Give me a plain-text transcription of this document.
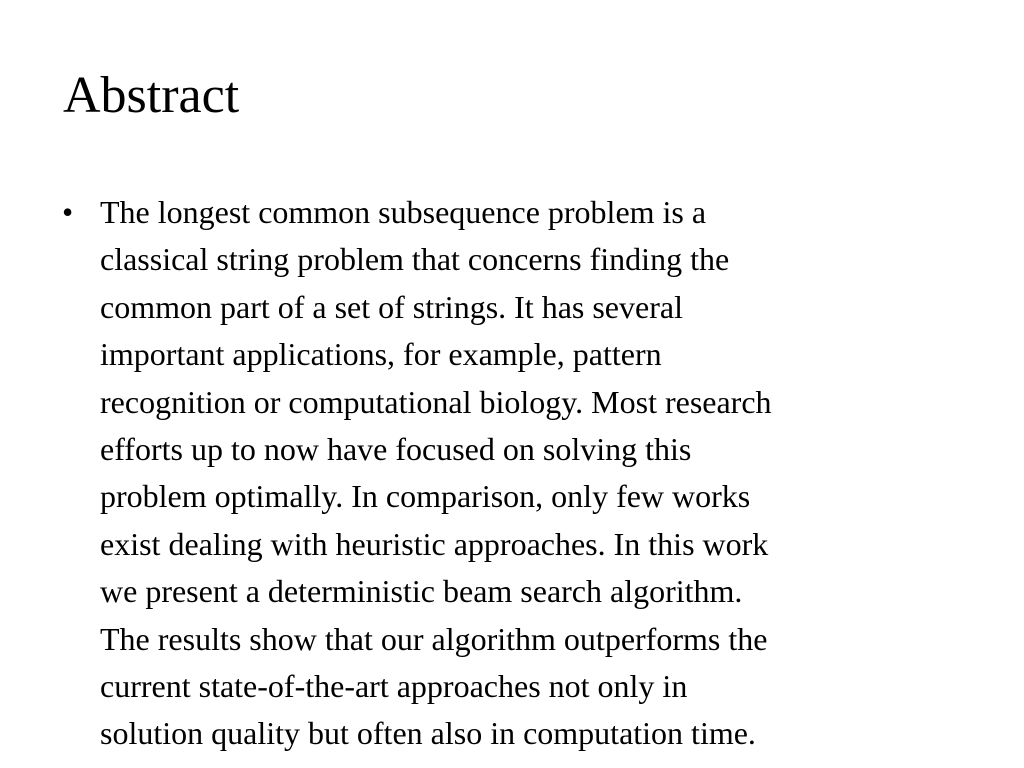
Abstract
• The longest common subsequence problem is a
classical string problem that concerns finding the
common part of a set of strings. It has several
important applications, for example, pattern
recognition or computational biology. Most research
efforts up to now have focused on solving this
problem optimally. In comparison, only few works
exist dealing with heuristic approaches. In this work
we present a deterministic beam search algorithm.
The results show that our algorithm outperforms the
current state-of-the-art approaches not only in
solution quality but often also in computation time.
